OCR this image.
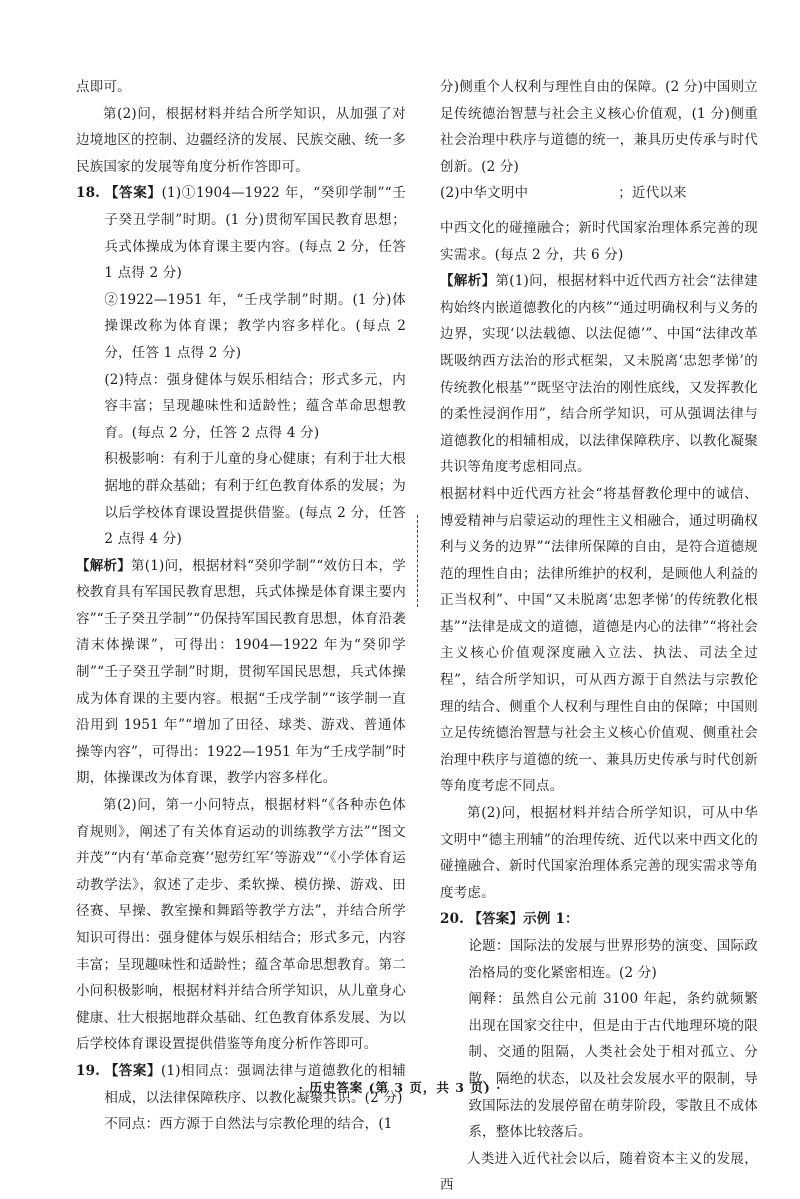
点即可。

第(2)问，根据材料并结合所学知识，从加强了对边境地区的控制、边疆经济的发展、民族交融、统一多民族国家的发展等角度分析作答即可。

18. 【答案】(1)①1904—1922 年，“癸卯学制”“壬子癸丑学制”时期。(1 分)贯彻军国民教育思想；兵式体操成为体育课主要内容。(每点 2 分，任答 1 点得 2 分)
②1922—1951 年，“壬戌学制”时期。(1 分)体操课改称为体育课；教学内容多样化。(每点 2 分，任答 1 点得 2 分)
(2)特点：强身健体与娱乐相结合；形式多元，内容丰富；呈现趣味性和适龄性；蕴含革命思想教育。(每点 2 分，任答 2 点得 4 分)
积极影响：有利于儿童的身心健康；有利于壮大根据地的群众基础；有利于红色教育体系的发展；为以后学校体育课设置提供借鉴。(每点 2 分，任答 2 点得 4 分)

【解析】第(1)问，根据材料“癸卯学制”“效仿日本，学校教育具有军国民教育思想，兵式体操是体育课主要内容”“壬子癸丑学制”“仍保持军国民教育思想，体育沿袭清末体操课”，可得出：1904—1922 年为“癸卯学制”“壬子癸丑学制”时期，贯彻军国民思想，兵式体操成为体育课的主要内容。根据“壬戌学制”“该学制一直沿用到 1951 年”“增加了田径、球类、游戏、普通体操等内容”，可得出：1922—1951 年为“壬戌学制”时期，体操课改为体育课，教学内容多样化。

第(2)问，第一小问特点，根据材料“《各种赤色体育规则》，阐述了有关体育运动的训练教学方法”“图文并茂”“内有‘革命竞赛’‘慰劳红军’等游戏”“《小学体育运动教学法》，叙述了走步、柔软操、模仿操、游戏、田径赛、早操、教室操和舞蹈等教学方法”，并结合所学知识可得出：强身健体与娱乐相结合；形式多元，内容丰富；呈现趣味性和适龄性；蕴含革命思想教育。第二小问积极影响，根据材料并结合所学知识，从儿童身心健康、壮大根据地群众基础、红色教育体系发展、为以后学校体育课设置提供借鉴等角度分析作答即可。

19. 【答案】(1)相同点：强调法律与道德教化的相辅相成，以法律保障秩序、以教化凝聚共识。(2 分)
不同点：西方源于自然法与宗教伦理的结合，(1

分)侧重个人权利与理性自由的保障。(2 分)中国则立足传统德治智慧与社会主义核心价值观，(1 分)侧重社会治理中秩序与道德的统一，兼具历史传承与时代创新。(2 分)

(2)中华文明中	；近代以来

中西文化的碰撞融合；新时代国家治理体系完善的现实需求。(每点 2 分，共 6 分)

【解析】第(1)问，根据材料中近代西方社会“法律建构始终内嵌道德教化的内核”“通过明确权利与义务的边界，实现‘以法载德、以法促德’”、中国“法律改革既吸纳西方法治的形式框架，又未脱离‘忠恕孝悌’的传统教化根基”“既坚守法治的刚性底线，又发挥教化的柔性浸润作用”，结合所学知识，可从强调法律与道德教化的相辅相成，以法律保障秩序、以教化凝聚共识等角度考虑相同点。

根据材料中近代西方社会“将基督教伦理中的诚信、博爱精神与启蒙运动的理性主义相融合，通过明确权利与义务的边界”“法律所保障的自由，是符合道德规范的理性自由；法律所维护的权利，是顾他人利益的正当权利”、中国“又未脱离‘忠恕孝悌’的传统教化根基”“法律是成文的道德，道德是内心的法律”“将社会主义核心价值观深度融入立法、执法、司法全过程”，结合所学知识，可从西方源于自然法与宗教伦理的结合、侧重个人权利与理性自由的保障；中国则立足传统德治智慧与社会主义核心价值观、侧重社会治理中秩序与道德的统一、兼具历史传承与时代创新等角度考虑不同点。

第(2)问，根据材料并结合所学知识，可从中华文明中“德主刑辅”的治理传统、近代以来中西文化的碰撞融合、新时代国家治理体系完善的现实需求等角度考虑。

20. 【答案】示例 1：
论题：国际法的发展与世界形势的演变、国际政治格局的变化紧密相连。(2 分)
阐释：虽然自公元前 3100 年起，条约就频繁出现在国家交往中，但是由于古代地理环境的限制、交通的阻隔，人类社会处于相对孤立、分散、隔绝的状态，以及社会发展水平的限制，导致国际法的发展停留在萌芽阶段，零散且不成体系，整体比较落后。

人类进入近代社会以后，随着资本主义的发展，西

· 历史答案 (第 3 页，共 3 页) ·
